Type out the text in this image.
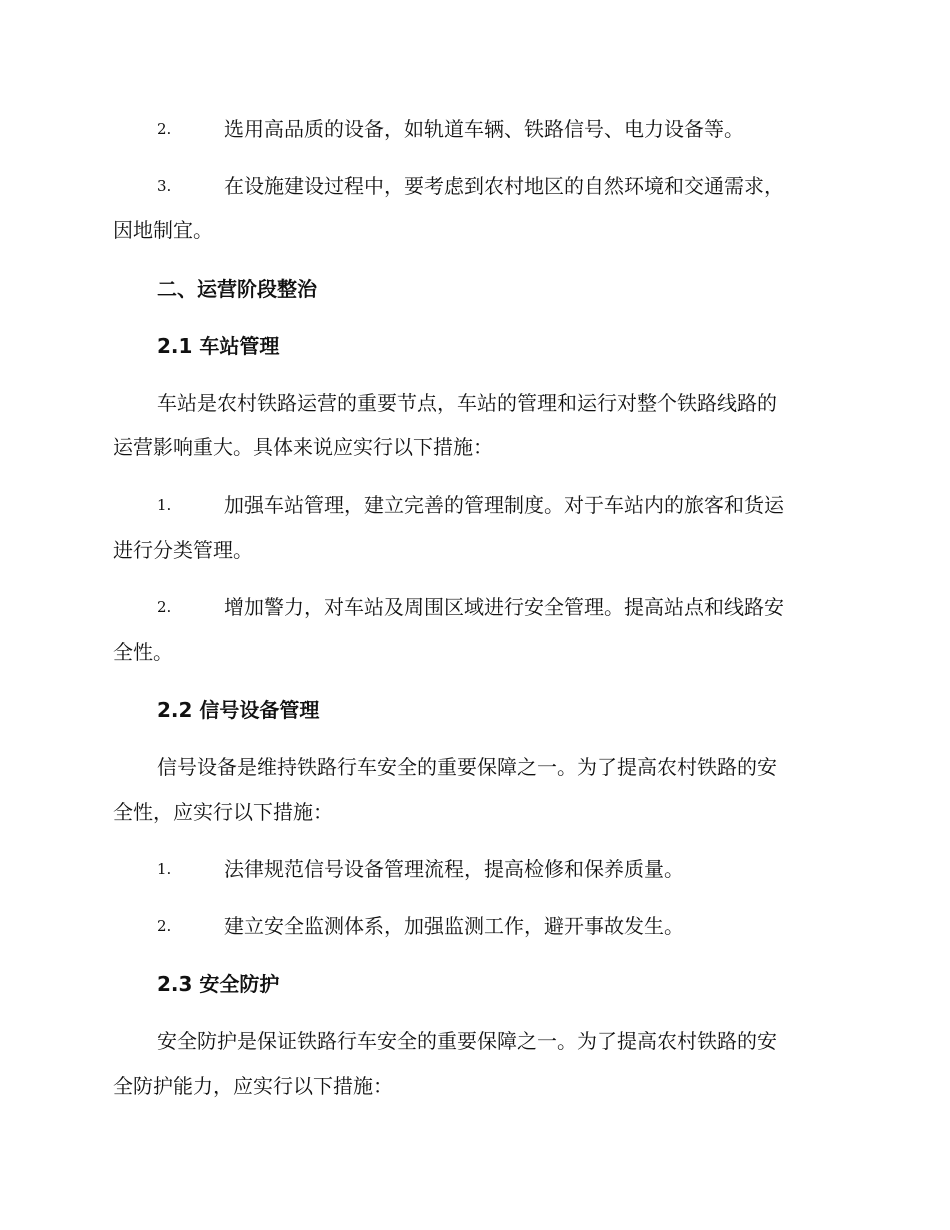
2.	选用高品质的设备，如轨道车辆、铁路信号、电力设备等。
3.	在设施建设过程中，要考虑到农村地区的自然环境和交通需求，
因地制宜。
二、运营阶段整治
2.1 车站管理
车站是农村铁路运营的重要节点，车站的管理和运行对整个铁路线路的
运营影响重大。具体来说应实行以下措施：
1.	加强车站管理，建立完善的管理制度。对于车站内的旅客和货运
进行分类管理。
2.	增加警力，对车站及周围区域进行安全管理。提高站点和线路安
全性。
2.2 信号设备管理
信号设备是维持铁路行车安全的重要保障之一。为了提高农村铁路的安
全性，应实行以下措施：
1.	法律规范信号设备管理流程，提高检修和保养质量。
2.	建立安全监测体系，加强监测工作，避开事故发生。
2.3 安全防护
安全防护是保证铁路行车安全的重要保障之一。为了提高农村铁路的安
全防护能力，应实行以下措施：
